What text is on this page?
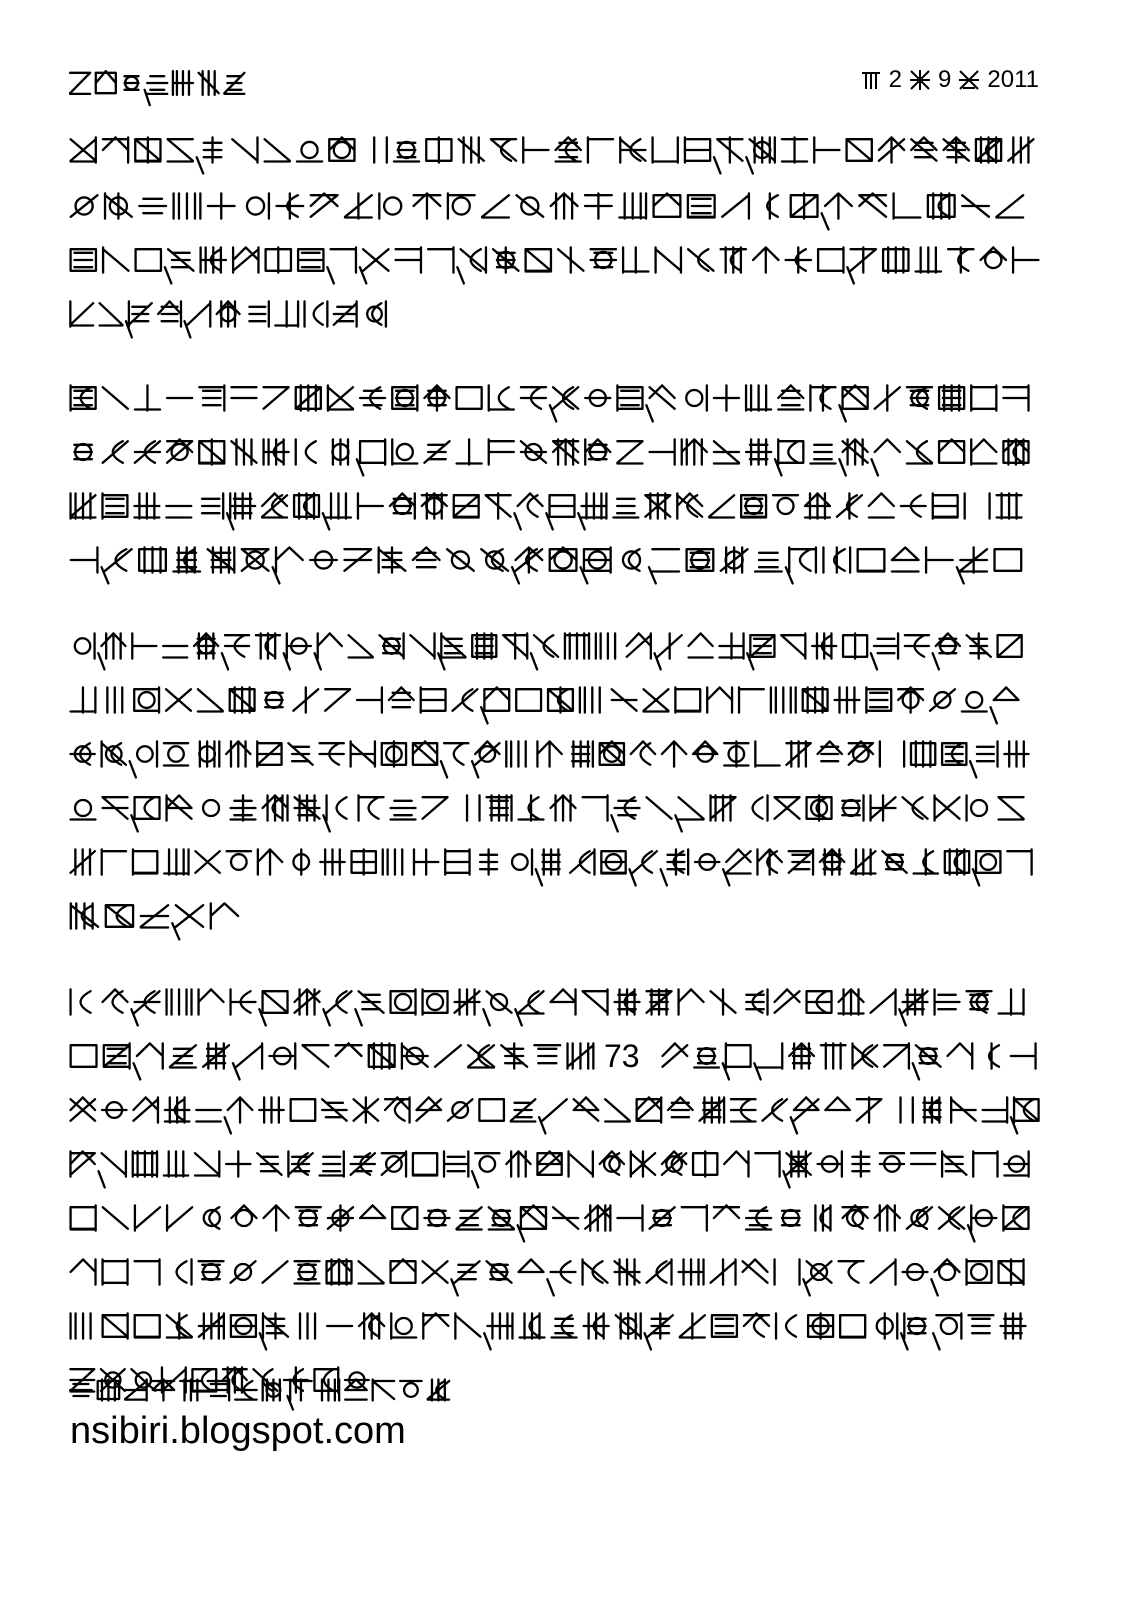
2 9 2011
73
nsibiri.blogspot.com
